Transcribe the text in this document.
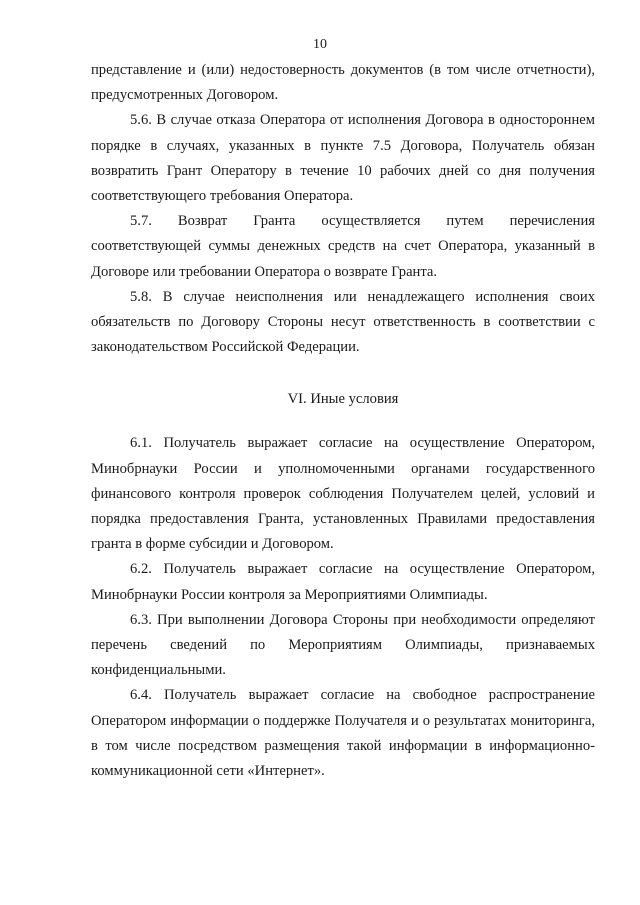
10

представление и (или) недостоверность документов (в том числе отчетности), предусмотренных Договором.

5.6. В случае отказа Оператора от исполнения Договора в одностороннем порядке в случаях, указанных в пункте 7.5 Договора, Получатель обязан возвратить Грант Оператору в течение 10 рабочих дней со дня получения соответствующего требования Оператора.

5.7. Возврат Гранта осуществляется путем перечисления соответствующей суммы денежных средств на счет Оператора, указанный в Договоре или требовании Оператора о возврате Гранта.

5.8. В случае неисполнения или ненадлежащего исполнения своих обязательств по Договору Стороны несут ответственность в соответствии с законодательством Российской Федерации.

VI. Иные условия

6.1. Получатель выражает согласие на осуществление Оператором, Минобрнауки России и уполномоченными органами государственного финансового контроля проверок соблюдения Получателем целей, условий и порядка предоставления Гранта, установленных Правилами предоставления гранта в форме субсидии и Договором.

6.2. Получатель выражает согласие на осуществление Оператором, Минобрнауки России контроля за Мероприятиями Олимпиады.

6.3. При выполнении Договора Стороны при необходимости определяют перечень сведений по Мероприятиям Олимпиады, признаваемых конфиденциальными.

6.4. Получатель выражает согласие на свободное распространение Оператором информации о поддержке Получателя и о результатах мониторинга, в том числе посредством размещения такой информации в информационно-коммуникационной сети «Интернет».
